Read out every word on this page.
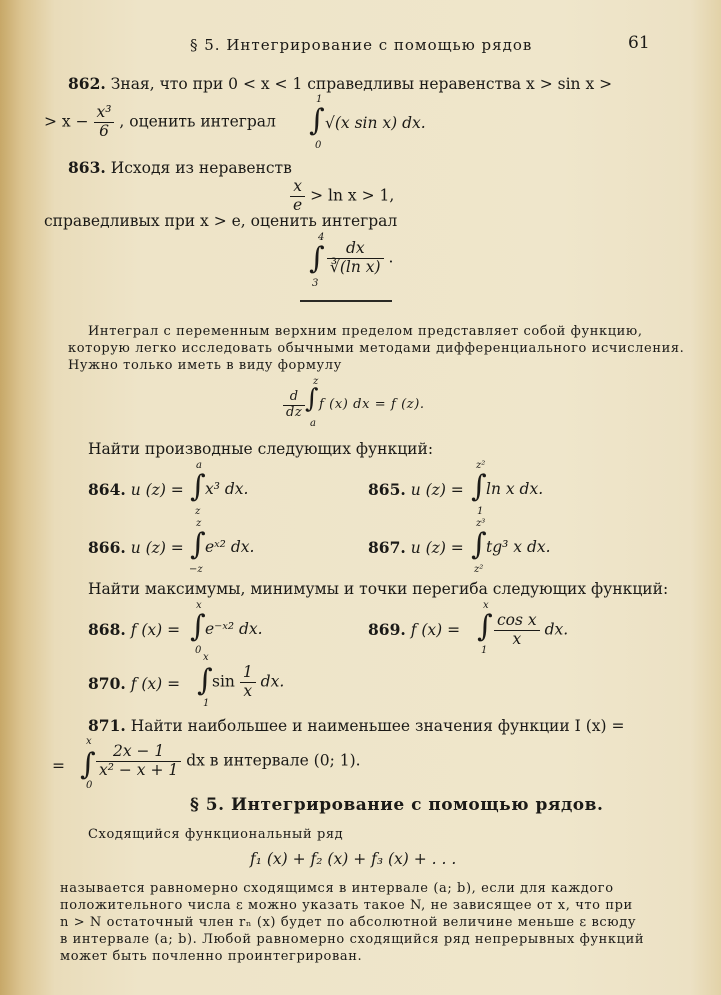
§ 5. Интегрирование с помощью рядов	61
862. Зная, что при 0 < x < 1 справедливы неравенства x > sin x >
1
> $x - \frac{\text{x³}}{6}$ , оценить интеграл ∫ √(x sin x) dx.
0
863. Исходя из неравенств
$\frac{x}{e} > \ln x > 1$,
справедливых при x > e, оценить интеграл
4
∫ $\frac{dx}{\text{∛(ln x)}}$ .
3
Интеграл с переменным верхним пределом представляет собой функцию,
которую легко исследовать обычными методами дифференциального исчисления.
Нужно только иметь в виду формулу
z
$\frac{d}{dz}$ ∫ f (x) dx = f (z).
a
Найти производные следующих функций:
a
864. u (z) = ∫ x³ dx.
z
z²
865. u (z) = ∫ ln x dx.
1
z
866. u (z) = ∫ eˣ² dx.
−z
z³
867. u (z) = ∫ tg³ x dx.
z²
Найти максимумы, минимумы и точки перегиба следующих функций:
x
868. f (x) = ∫ e⁻ˣ² dx.
0
x
869. f (x) = ∫ $\frac{\text{cos x}}{x}$ dx.
1
x
870. f (x) = ∫ $\sin \frac{1}{x}$ dx.
1
871. Найти наибольшее и наименьшее значения функции I (x) =
x
= ∫ $\frac{2x - 1}{\text{x² − x + 1}}$ dx в интервале (0; 1).
0
§ 5. Интегрирование с помощью рядов.
Сходящийся функциональный ряд
f₁ (x) + f₂ (x) + f₃ (x) + . . .
называется равномерно сходящимся в интервале (a; b), если для каждого
положительного числа ε можно указать такое N, не зависящее от x, что при
n > N остаточный член rₙ (x) будет по абсолютной величине меньше ε всюду
в интервале (a; b). Любой равномерно сходящийся ряд непрерывных функций
может быть почленно проинтегрирован.
